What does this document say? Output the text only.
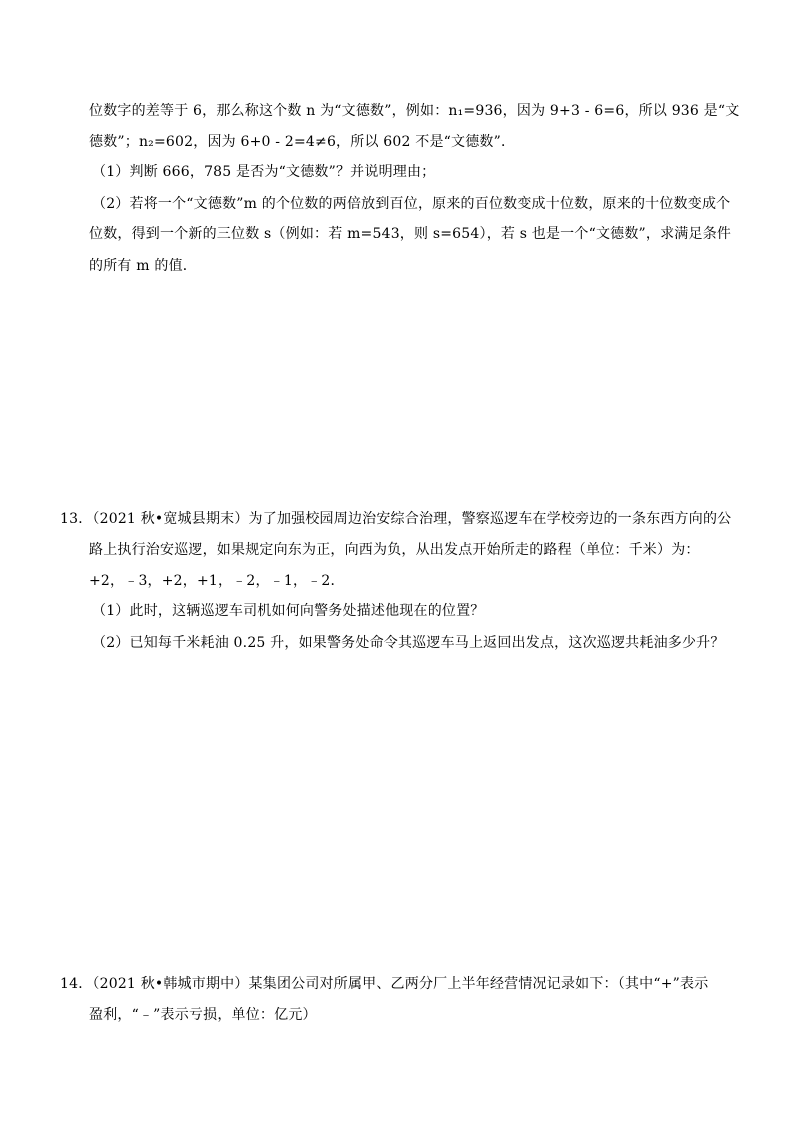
位数字的差等于 6，那么称这个数 n 为“文德数”，例如：n₁=936，因为 9+3 - 6=6，所以 936 是“文
德数”；n₂=602，因为 6+0 - 2=4≠6，所以 602 不是“文德数”．
（1）判断 666，785 是否为“文德数”？并说明理由；
（2）若将一个“文德数”m 的个位数的两倍放到百位，原来的百位数变成十位数，原来的十位数变成个
位数，得到一个新的三位数 s（例如：若 m=543，则 s=654），若 s 也是一个“文德数”，求满足条件
的所有 m 的值．
13．（2021 秋•宽城县期末）为了加强校园周边治安综合治理，警察巡逻车在学校旁边的一条东西方向的公
路上执行治安巡逻，如果规定向东为正，向西为负，从出发点开始所走的路程（单位：千米）为：
+2，﹣3，+2，+1，﹣2，﹣1，﹣2．
（1）此时，这辆巡逻车司机如何向警务处描述他现在的位置？
（2）已知每千米耗油 0.25 升，如果警务处命令其巡逻车马上返回出发点，这次巡逻共耗油多少升？
14．（2021 秋•韩城市期中）某集团公司对所属甲、乙两分厂上半年经营情况记录如下：（其中“+”表示
盈利，“﹣”表示亏损，单位：亿元）
